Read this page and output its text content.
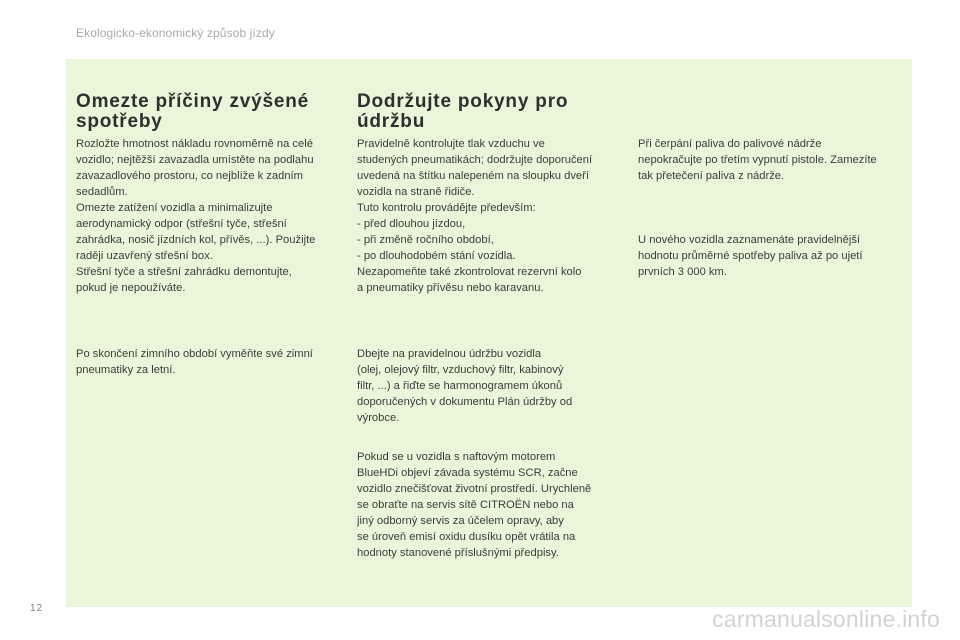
Ekologicko-ekonomický způsob jízdy
Omezte příčiny zvýšené
spotřeby

Rozložte hmotnost nákladu rovnoměrně na celé
vozidlo; nejtěžší zavazadla umístěte na podlahu
zavazadlového prostoru, co nejblíže k zadním
sedadlům.
Omezte zatížení vozidla a minimalizujte
aerodynamický odpor (střešní tyče, střešní
zahrádka, nosič jízdních kol, přívěs, ...). Použijte
raději uzavřený střešní box.
Střešní tyče a střešní zahrádku demontujte,
pokud je nepoužíváte.

Po skončení zimního období vyměňte své zimní
pneumatiky za letní.

Dodržujte pokyny pro
údržbu

Pravidelně kontrolujte tlak vzduchu ve
studených pneumatikách; dodržujte doporučení
uvedená na štítku nalepeném na sloupku dveří
vozidla na straně řidiče.
Tuto kontrolu provádějte především:
- před dlouhou jízdou,
- při změně ročního období,
- po dlouhodobém stání vozidla.
Nezapomeňte také zkontrolovat rezervní kolo
a pneumatiky přívěsu nebo karavanu.

Dbejte na pravidelnou údržbu vozidla
(olej, olejový filtr, vzduchový filtr, kabinový
filtr, ...) a řiďte se harmonogramem úkonů
doporučených v dokumentu Plán údržby od
výrobce.

Pokud se u vozidla s naftovým motorem
BlueHDi objeví závada systému SCR, začne
vozidlo znečišťovat životní prostředí. Urychleně
se obraťte na servis sítě CITROËN nebo na
jiný odborný servis za účelem opravy, aby
se úroveň emisí oxidu dusíku opět vrátila na
hodnoty stanovené příslušnými předpisy.

Při čerpání paliva do palivové nádrže
nepokračujte po třetím vypnutí pistole. Zamezíte
tak přetečení paliva z nádrže.

U nového vozidla zaznamenáte pravidelnější
hodnotu průměrné spotřeby paliva až po ujetí
prvních 3 000 km.

12	carmanualsonline.info
